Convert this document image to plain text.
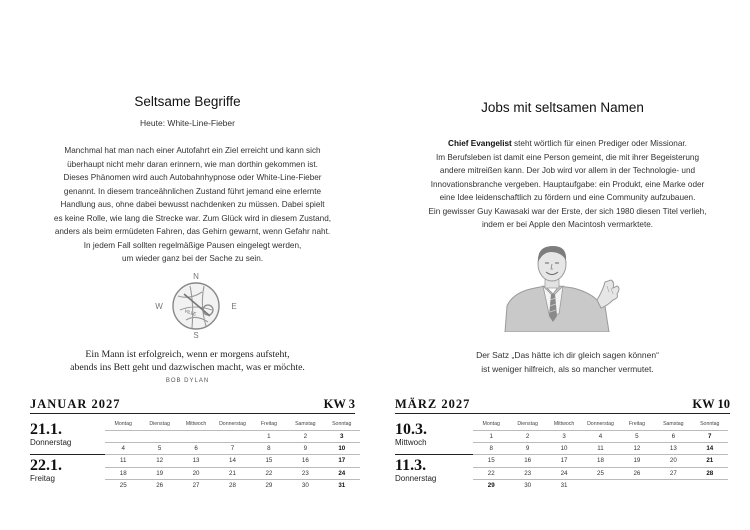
Seltsame Begriffe
Heute: White-Line-Fieber

Manchmal hat man nach einer Autofahrt ein Ziel erreicht und kann sich

überhaupt nicht mehr daran erinnern, wie man dorthin gekommen ist.

Dieses Phänomen wird auch Autobahnhypnose oder White-Line-Fieber

genannt. In diesem tranceähnlichen Zustand führt jemand eine erlernte

Handlung aus, ohne dabei bewusst nachdenken zu müssen. Dabei spielt

es keine Rolle, wie lang die Strecke war. Zum Glück wird in diesem Zustand,

anders als beim ermüdeten Fahren, das Gehirn gewarnt, wenn Gefahr naht.

In jedem Fall sollten regelmäßige Pausen eingelegt werden,

um wieder ganz bei der Sache zu sein.

N
E
S
W
VILLE
Ein Mann ist erfolgreich, wenn er morgens aufsteht,
abends ins Bett geht und dazwischen macht, was er möchte.
BOB DYLAN
JANUAR 2027	KW 3
21.1.
Donnerstag
22.1.
Freitag
Montag	Dienstag	Mittwoch	Donnerstag	Freitag	Samstag	Sonntag
				1	2	3
4	5	6	7	8	9	10
11	12	13	14	15	16	17
18	19	20	21	22	23	24
25	26	27	28	29	30	31
Jobs mit seltsamen Namen

Chief Evangelist steht wörtlich für einen Prediger oder Missionar.

Im Berufsleben ist damit eine Person gemeint, die mit ihrer Begeisterung

andere mitreißen kann. Der Job wird vor allem in der Technologie- und

Innovationsbranche vergeben. Hauptaufgabe: ein Produkt, eine Marke oder

eine Idee leidenschaftlich zu fördern und eine Community aufzubauen.

Ein gewisser Guy Kawasaki war der Erste, der sich 1980 diesen Titel verlieh,

indem er bei Apple den Macintosh vermarktete.

Der Satz „Das hätte ich dir gleich sagen können“
ist weniger hilfreich, als so mancher vermutet.
MÄRZ 2027	KW 10
10.3.
Mittwoch
11.3.
Donnerstag
Montag	Dienstag	Mittwoch	Donnerstag	Freitag	Samstag	Sonntag
1	2	3	4	5	6	7
8	9	10	11	12	13	14
15	16	17	18	19	20	21
22	23	24	25	26	27	28
29	30	31				
